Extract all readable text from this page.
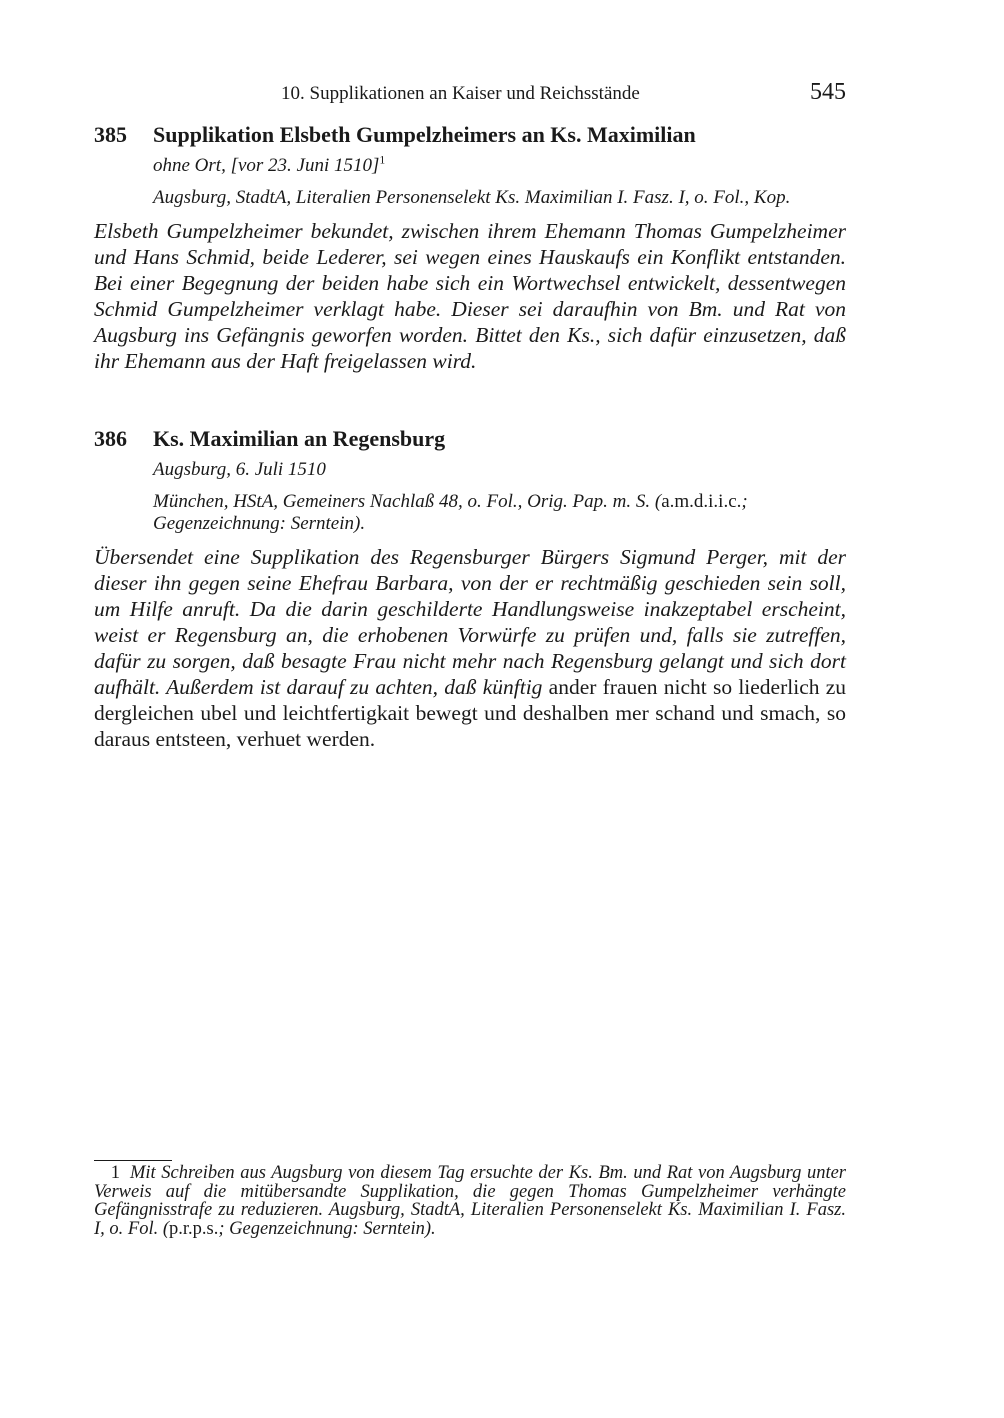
10. Supplikationen an Kaiser und Reichsstände	545
385 Supplikation Elsbeth Gumpelzheimers an Ks. Maximilian
ohne Ort, [vor 23. Juni 1510]$^1$
Augsburg, StadtA, Literalien Personenselekt Ks. Maximilian I. Fasz. I, o. Fol., Kop.
Elsbeth Gumpelzheimer bekundet, zwischen ihrem Ehemann Thomas Gumpelzheimer und Hans Schmid, beide Lederer, sei wegen eines Hauskaufs ein Konflikt entstanden. Bei einer Begegnung der beiden habe sich ein Wortwechsel entwickelt, dessentwegen Schmid Gumpelzheimer verklagt habe. Dieser sei daraufhin von Bm. und Rat von Augsburg ins Gefängnis geworfen worden. Bittet den Ks., sich dafür einzusetzen, daß ihr Ehemann aus der Haft freigelassen wird.
386 Ks. Maximilian an Regensburg
Augsburg, 6. Juli 1510
München, HStA, Gemeiners Nachlaß 48, o. Fol., Orig. Pap. m. S. (a.m.d.i.i.c.; Gegenzeichnung: Serntein).
Übersendet eine Supplikation des Regensburger Bürgers Sigmund Perger, mit der dieser ihn gegen seine Ehefrau Barbara, von der er rechtmäßig geschieden sein soll, um Hilfe anruft. Da die darin geschilderte Handlungsweise inakzeptabel erscheint, weist er Regensburg an, die erhobenen Vorwürfe zu prüfen und, falls sie zutreffen, dafür zu sorgen, daß besagte Frau nicht mehr nach Regensburg gelangt und sich dort aufhält. Außerdem ist darauf zu achten, daß künftig ander frauen nicht so liederlich zu dergleichen ubel und leichtfertigkait bewegt und deshalben mer schand und smach, so daraus entsteen, verhuet werden.
1 Mit Schreiben aus Augsburg von diesem Tag ersuchte der Ks. Bm. und Rat von Augsburg unter Verweis auf die mitübersandte Supplikation, die gegen Thomas Gumpelzheimer verhängte Gefängnisstrafe zu reduzieren. Augsburg, StadtA, Literalien Personenselekt Ks. Maximilian I. Fasz. I, o. Fol. (p.r.p.s.; Gegenzeichnung: Serntein).
